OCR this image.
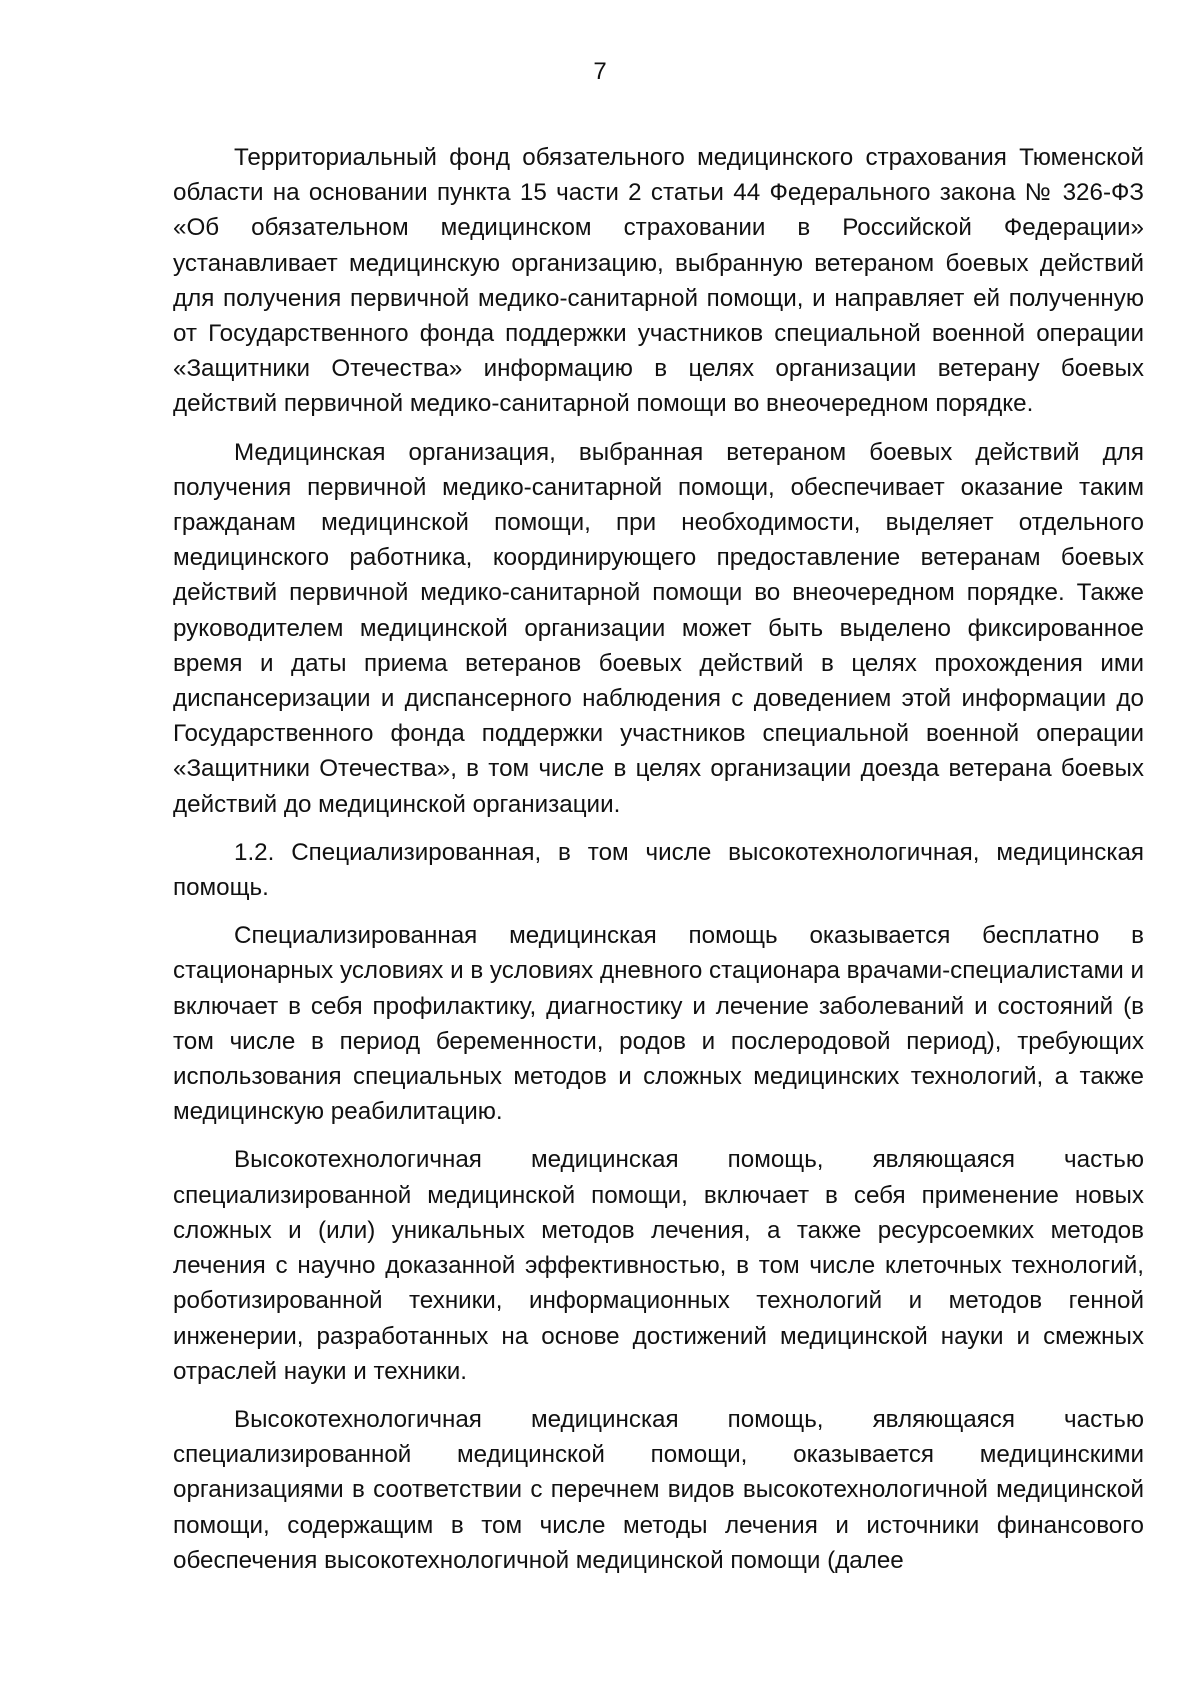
7

Территориальный фонд обязательного медицинского страхования Тюменской области на основании пункта 15 части 2 статьи 44 Федерального закона № 326-ФЗ «Об обязательном медицинском страховании в Российской Федерации» устанавливает медицинскую организацию, выбранную ветераном боевых действий для получения первичной медико-санитарной помощи, и направляет ей полученную от Государственного фонда поддержки участников специальной военной операции «Защитники Отечества» информацию в целях организации ветерану боевых действий первичной медико-санитарной помощи во внеочередном порядке.

Медицинская организация, выбранная ветераном боевых действий для получения первичной медико-санитарной помощи, обеспечивает оказание таким гражданам медицинской помощи, при необходимости, выделяет отдельного медицинского работника, координирующего предоставление ветеранам боевых действий первичной медико-санитарной помощи во внеочередном порядке. Также руководителем медицинской организации может быть выделено фиксированное время и даты приема ветеранов боевых действий в целях прохождения ими диспансеризации и диспансерного наблюдения с доведением этой информации до Государственного фонда поддержки участников специальной военной операции «Защитники Отечества», в том числе в целях организации доезда ветерана боевых действий до медицинской организации.

1.2. Специализированная, в том числе высокотехнологичная, медицинская помощь.

Специализированная медицинская помощь оказывается бесплатно в стационарных условиях и в условиях дневного стационара врачами-специалистами и включает в себя профилактику, диагностику и лечение заболеваний и состояний (в том числе в период беременности, родов и послеродовой период), требующих использования специальных методов и сложных медицинских технологий, а также медицинскую реабилитацию.

Высокотехнологичная медицинская помощь, являющаяся частью специализированной медицинской помощи, включает в себя применение новых сложных и (или) уникальных методов лечения, а также ресурсоемких методов лечения с научно доказанной эффективностью, в том числе клеточных технологий, роботизированной техники, информационных технологий и методов генной инженерии, разработанных на основе достижений медицинской науки и смежных отраслей науки и техники.

Высокотехнологичная медицинская помощь, являющаяся частью специализированной медицинской помощи, оказывается медицинскими организациями в соответствии с перечнем видов высокотехнологичной медицинской помощи, содержащим в том числе методы лечения и источники финансового обеспечения высокотехнологичной медицинской помощи (далее
